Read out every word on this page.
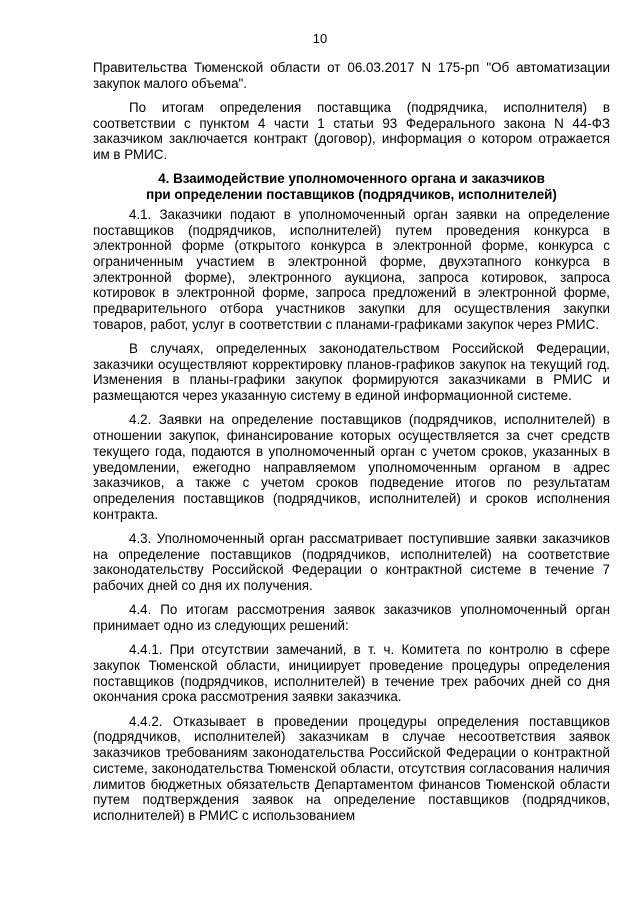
10

Правительства Тюменской области от 06.03.2017 N 175-рп "Об автоматизации закупок малого объема".

По итогам определения поставщика (подрядчика, исполнителя) в соответствии с пунктом 4 части 1 статьи 93 Федерального закона N 44-ФЗ заказчиком заключается контракт (договор), информация о котором отражается им в РМИС.

4. Взаимодействие уполномоченного органа и заказчиков
при определении поставщиков (подрядчиков, исполнителей)

4.1. Заказчики подают в уполномоченный орган заявки на определение поставщиков (подрядчиков, исполнителей) путем проведения конкурса в электронной форме (открытого конкурса в электронной форме, конкурса с ограниченным участием в электронной форме, двухэтапного конкурса в электронной форме), электронного аукциона, запроса котировок, запроса котировок в электронной форме, запроса предложений в электронной форме, предварительного отбора участников закупки для осуществления закупки товаров, работ, услуг в соответствии с планами-графиками закупок через РМИС.

В случаях, определенных законодательством Российской Федерации, заказчики осуществляют корректировку планов-графиков закупок на текущий год. Изменения в планы-графики закупок формируются заказчиками в РМИС и размещаются через указанную систему в единой информационной системе.

4.2. Заявки на определение поставщиков (подрядчиков, исполнителей) в отношении закупок, финансирование которых осуществляется за счет средств текущего года, подаются в уполномоченный орган с учетом сроков, указанных в уведомлении, ежегодно направляемом уполномоченным органом в адрес заказчиков, а также с учетом сроков подведение итогов по результатам определения поставщиков (подрядчиков, исполнителей) и сроков исполнения контракта.

4.3. Уполномоченный орган рассматривает поступившие заявки заказчиков на определение поставщиков (подрядчиков, исполнителей) на соответствие законодательству Российской Федерации о контрактной системе в течение 7 рабочих дней со дня их получения.

4.4. По итогам рассмотрения заявок заказчиков уполномоченный орган принимает одно из следующих решений:

4.4.1. При отсутствии замечаний, в т. ч. Комитета по контролю в сфере закупок Тюменской области, инициирует проведение процедуры определения поставщиков (подрядчиков, исполнителей) в течение трех рабочих дней со дня окончания срока рассмотрения заявки заказчика.

4.4.2. Отказывает в проведении процедуры определения поставщиков (подрядчиков, исполнителей) заказчикам в случае несоответствия заявок заказчиков требованиям законодательства Российской Федерации о контрактной системе, законодательства Тюменской области, отсутствия согласования наличия лимитов бюджетных обязательств Департаментом финансов Тюменской области путем подтверждения заявок на определение поставщиков (подрядчиков, исполнителей) в РМИС с использованием
